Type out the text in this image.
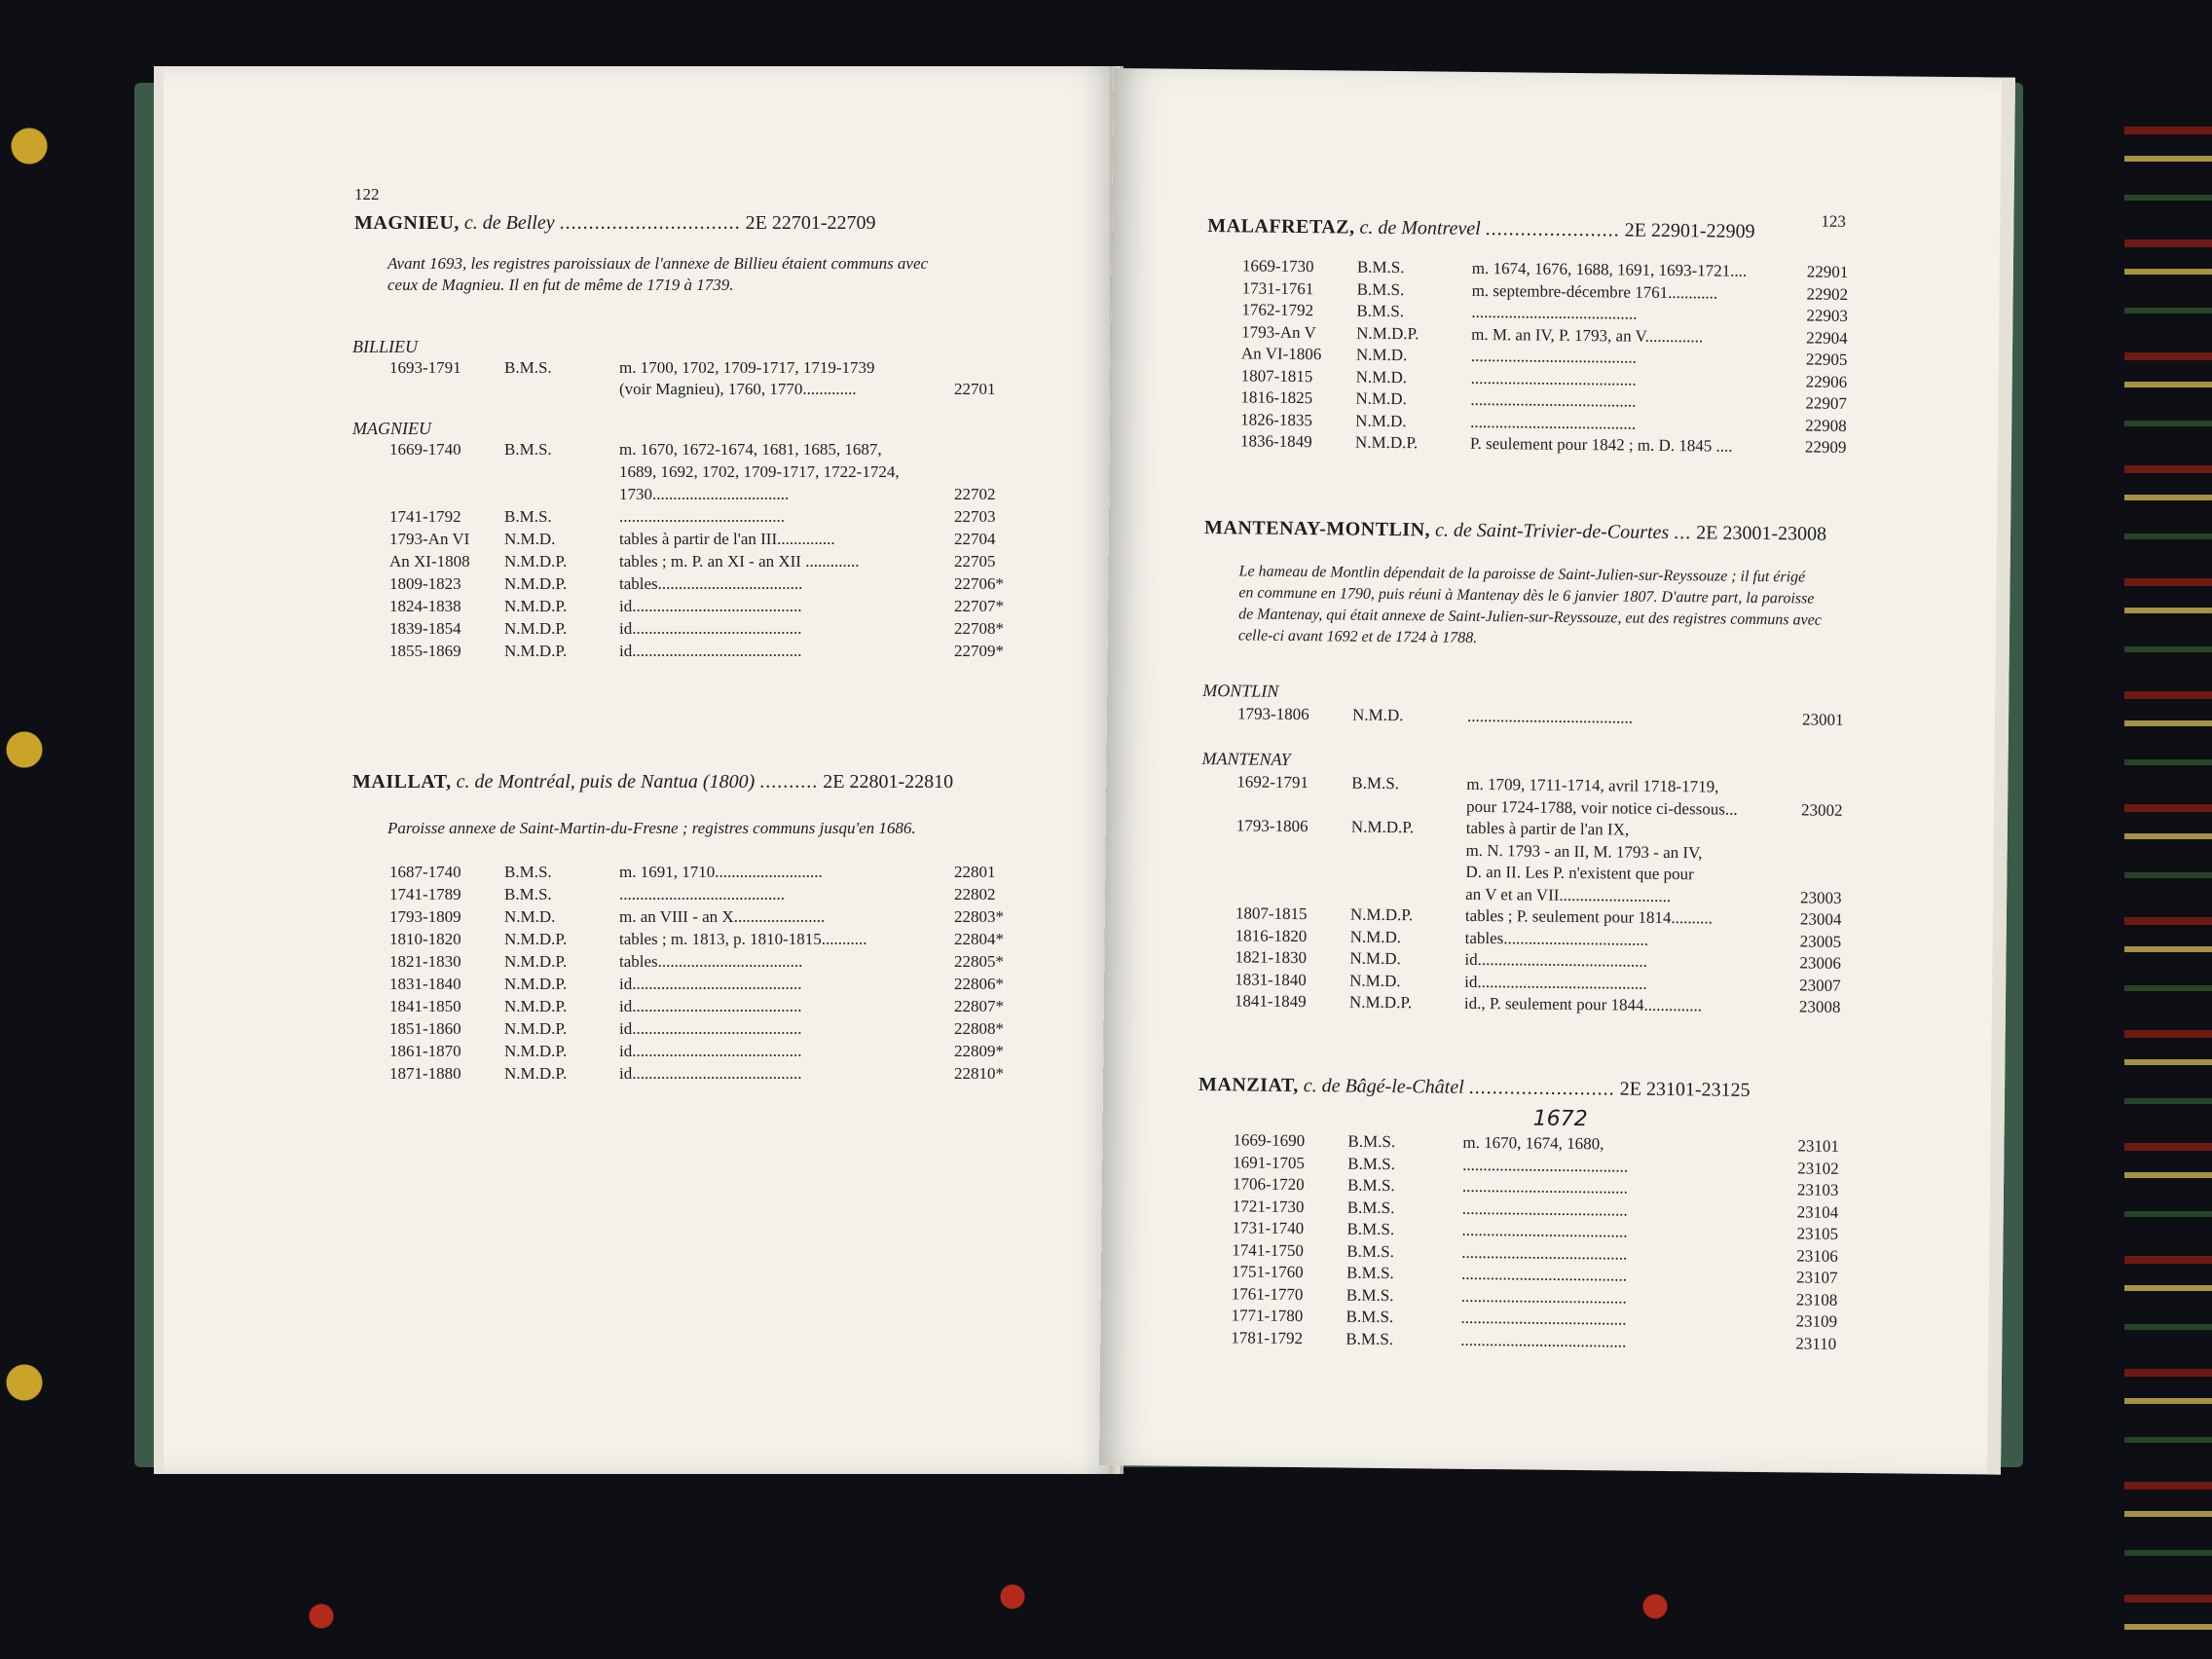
122
MAGNIEU, c. de Belley ............................... 2E 22701-22709
Avant 1693, les registres paroissiaux de l'annexe de Billieu étaient communs avec ceux de Magnieu. Il en fut de même de 1719 à 1739.
BILLIEU
1693-1791	B.M.S.	m. 1700, 1702, 1709-1717, 1719-1739
(voir Magnieu), 1760, 1770.............	22701
MAGNIEU
1669-1740	B.M.S.	m. 1670, 1672-1674, 1681, 1685, 1687,
1689, 1692, 1702, 1709-1717, 1722-1724,
1730.................................	22702
1741-1792	B.M.S.	........................................	22703
1793-An VI N.M.D.	tables à partir de l'an III..............	22704
An XI-1808 N.M.D.P.	tables ; m. P. an XI - an XII .............	22705
1809-1823	N.M.D.P.	tables...................................	22706*
1824-1838	N.M.D.P.	id.........................................	22707*
1839-1854	N.M.D.P.	id.........................................	22708*
1855-1869	N.M.D.P.	id.........................................	22709*
MAILLAT, c. de Montréal, puis de Nantua (1800) .......... 2E 22801-22810
Paroisse annexe de Saint-Martin-du-Fresne ; registres communs jusqu'en 1686.
1687-1740	B.M.S.	m. 1691, 1710..........................	22801
1741-1789	B.M.S.	........................................	22802
1793-1809	N.M.D.	m. an VIII - an X......................	22803*
1810-1820	N.M.D.P.	tables ; m. 1813, p. 1810-1815...........	22804*
1821-1830	N.M.D.P.	tables...................................	22805*
1831-1840	N.M.D.P.	id.........................................	22806*
1841-1850	N.M.D.P.	id.........................................	22807*
1851-1860	N.M.D.P.	id.........................................	22808*
1861-1870	N.M.D.P.	id.........................................	22809*
1871-1880	N.M.D.P.	id.........................................	22810*
123
MALAFRETAZ, c. de Montrevel ....................... 2E 22901-22909
1669-1730	B.M.S.	m. 1674, 1676, 1688, 1691, 1693-1721....	22901
1731-1761	B.M.S.	m. septembre-décembre 1761............	22902
1762-1792	B.M.S.	........................................	22903
1793-An V N.M.D.P.	m. M. an IV, P. 1793, an V..............	22904
An VI-1806 N.M.D.	........................................	22905
1807-1815	N.M.D.	........................................	22906
1816-1825	N.M.D.	........................................	22907
1826-1835	N.M.D.	........................................	22908
1836-1849	N.M.D.P.	P. seulement pour 1842 ; m. D. 1845 ....	22909
MANTENAY-MONTLIN, c. de Saint-Trivier-de-Courtes ... 2E 23001-23008
Le hameau de Montlin dépendait de la paroisse de Saint-Julien-sur-Reyssouze ; il fut érigé en commune en 1790, puis réuni à Mantenay dès le 6 janvier 1807. D'autre part, la paroisse de Mantenay, qui était annexe de Saint-Julien-sur-Reyssouze, eut des registres communs avec celle-ci avant 1692 et de 1724 à 1788.
MONTLIN
1793-1806	N.M.D.	........................................	23001
MANTENAY
1692-1791	B.M.S.	m. 1709, 1711-1714, avril 1718-1719,
pour 1724-1788, voir notice ci-dessous...	23002
1793-1806	N.M.D.P.	tables à partir de l'an IX,
m. N. 1793 - an II, M. 1793 - an IV,
D. an II. Les P. n'existent que pour
an V et an VII...........................	23003
1807-1815	N.M.D.P.	tables ; P. seulement pour 1814..........	23004
1816-1820	N.M.D.	tables...................................	23005
1821-1830	N.M.D.	id.........................................	23006
1831-1840	N.M.D.	id.........................................	23007
1841-1849	N.M.D.P.	id., P. seulement pour 1844..............	23008
MANZIAT, c. de Bâgé-le-Châtel ......................... 2E 23101-23125
1672
1669-1690	B.M.S.	m. 1670, 1674, 1680,	23101
1691-1705	B.M.S.	........................................	23102
1706-1720	B.M.S.	........................................	23103
1721-1730	B.M.S.	........................................	23104
1731-1740	B.M.S.	........................................	23105
1741-1750	B.M.S.	........................................	23106
1751-1760	B.M.S.	........................................	23107
1761-1770	B.M.S.	........................................	23108
1771-1780	B.M.S.	........................................	23109
1781-1792	B.M.S.	........................................	23110
